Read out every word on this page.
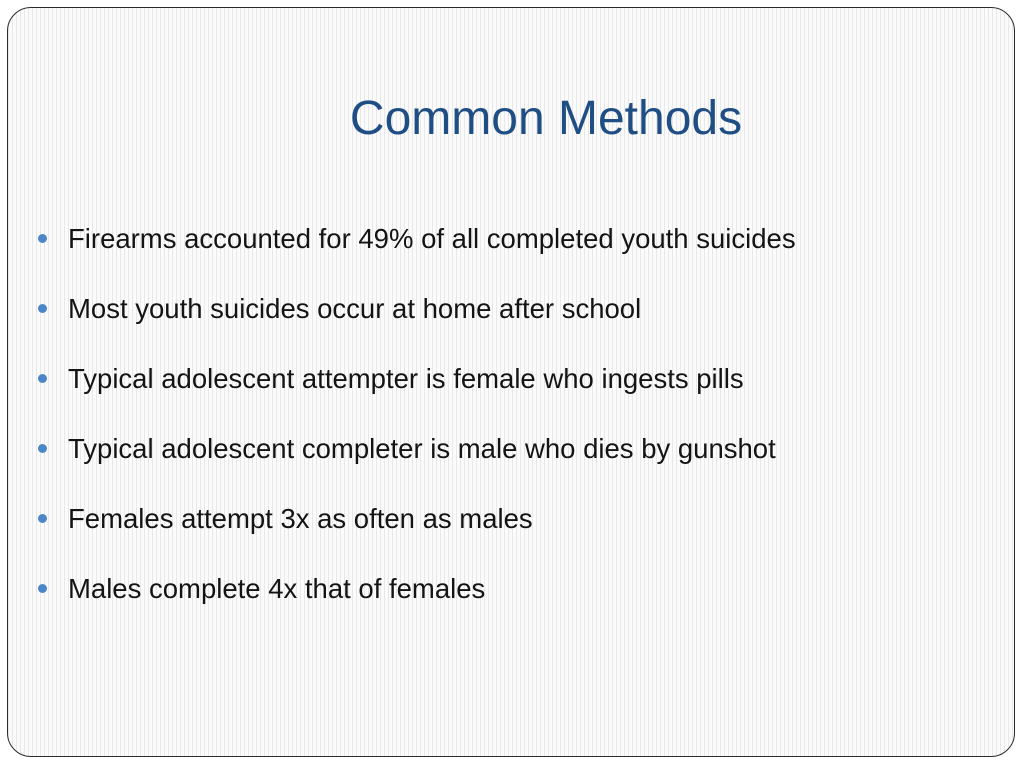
Common Methods
Firearms accounted for 49% of all completed youth suicides
Most youth suicides occur at home after school
Typical adolescent attempter is female who ingests pills
Typical adolescent completer is male who dies by gunshot
Females attempt 3x as often as males
Males complete 4x that of females
